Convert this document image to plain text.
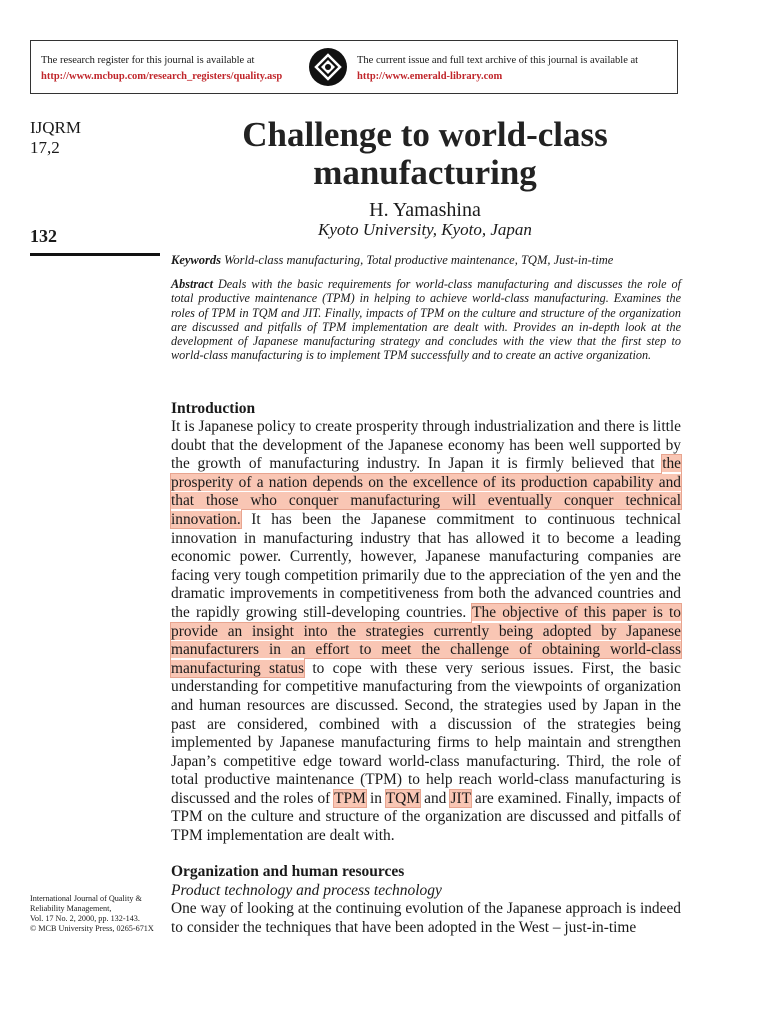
The research register for this journal is available at
http://www.mcbup.com/research_registers/quality.asp
The current issue and full text archive of this journal is available at
http://www.emerald-library.com
IJQRM
17,2
132
Challenge to world-class
manufacturing
H. Yamashina
Kyoto University, Kyoto, Japan
Keywords World-class manufacturing, Total productive maintenance, TQM, Just-in-time
Abstract Deals with the basic requirements for world-class manufacturing and discusses the role of total productive maintenance (TPM) in helping to achieve world-class manufacturing. Examines the roles of TPM in TQM and JIT. Finally, impacts of TPM on the culture and structure of the organization are discussed and pitfalls of TPM implementation are dealt with. Provides an in-depth look at the development of Japanese manufacturing strategy and concludes with the view that the first step to world-class manufacturing is to implement TPM successfully and to create an active organization.
Introduction

It is Japanese policy to create prosperity through industrialization and there is little doubt that the development of the Japanese economy has been well supported by the growth of manufacturing industry. In Japan it is firmly believed that the prosperity of a nation depends on the excellence of its production capability and that those who conquer manufacturing will eventually conquer technical innovation. It has been the Japanese commitment to continuous technical innovation in manufacturing industry that has allowed it to become a leading economic power. Currently, however, Japanese manufacturing companies are facing very tough competition primarily due to the appreciation of the yen and the dramatic improvements in competitiveness from both the advanced countries and the rapidly growing still-developing countries. The objective of this paper is to provide an insight into the strategies currently being adopted by Japanese manufacturers in an effort to meet the challenge of obtaining world-class manufacturing status to cope with these very serious issues. First, the basic understanding for competitive manufacturing from the viewpoints of organization and human resources are discussed. Second, the strategies used by Japan in the past are considered, combined with a discussion of the strategies being implemented by Japanese manufacturing firms to help maintain and strengthen Japan’s competitive edge toward world-class manufacturing. Third, the role of total productive maintenance (TPM) to help reach world-class manufacturing is discussed and the roles of TPM in TQM and JIT are examined. Finally, impacts of TPM on the culture and structure of the organization are discussed and pitfalls of TPM implementation are dealt with.

Organization and human resources
Product technology and process technology

One way of looking at the continuing evolution of the Japanese approach is indeed to consider the techniques that have been adopted in the West – just-in-time

International Journal of Quality &
Reliability Management,
Vol. 17 No. 2, 2000, pp. 132-143.
© MCB University Press, 0265-671X
